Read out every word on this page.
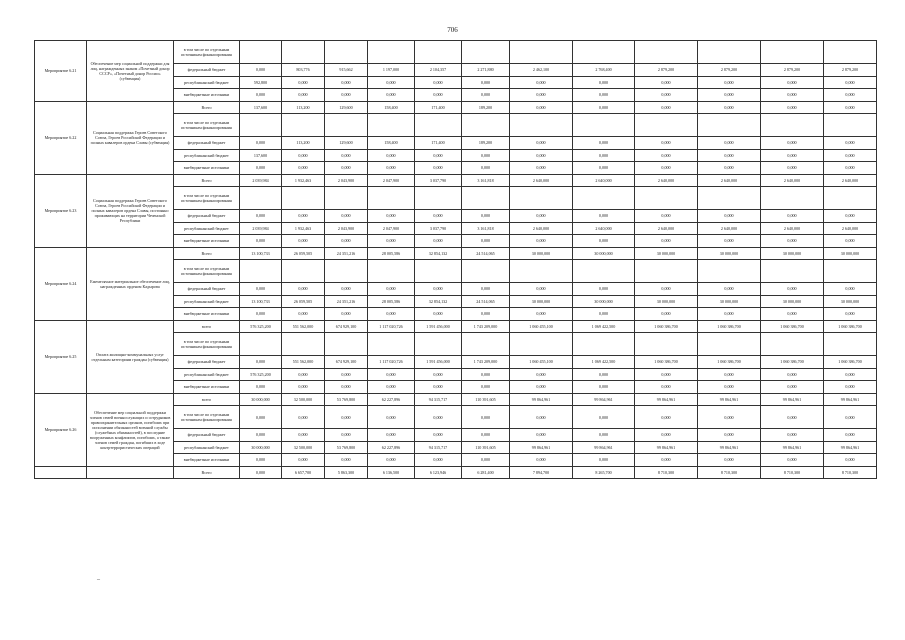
706
Мероприятие 6.21	Обеспечение мер социальной поддержки для лиц, награжденных знаком «Почетный донор СССР», «Почетный донор России» (субвенция)	в том числе по отдельным источникам финансирования												
		федеральный бюджет	0,000	803,776	915,662	1 197,000	2 104,357	2 271,880	2 462,100	2 768,400	2 879,200	2 879,200	2 879,200	2 879,200
		республиканский бюджет	592,800	0,000	0,000	0,000	0,000	0,000	0,000	0,000	0,000	0,000	0,000	0,000
		внебюджетные источники	0,000	0,000	0,000	0,000	0,000	0,000	0,000	0,000	0,000	0,000	0,000	0,000
Мероприятие 6.22	Социальная поддержка Героев Советского Союза, Героев Российской Федерации и полных кавалеров ордена Славы (субвенция)	Всего	137,600	113,200	129,600	158,400	171,400	189,200	0,000	0,000	0,000	0,000	0,000	0,000
		в том числе по отдельным источникам финансирования												
		федеральный бюджет	0,000	113,200	129,600	158,400	171,400	189,200	0,000	0,000	0,000	0,000	0,000	0,000
		республиканский бюджет	137,600	0,000	0,000	0,000	0,000	0,000	0,000	0,000	0,000	0,000	0,000	0,000
		внебюджетные источники	0,000	0,000	0,000	0,000	0,000	0,000	0,000	0,000	0,000	0,000	0,000	0,000
Мероприятие 6.23	Социальная поддержка Героев Советского Союза, Героев Российской Федерации и полных кавалеров ордена Славы, постоянно проживающих на территории Чеченской Республики	Всего	2 039,984	1 932,463	2 043,900	2 047,900	3 037,790	3 161,818	2 640,000	2 640,000	2 640,000	2 640,000	2 640,000	2 640,000
		в том числе по отдельным источникам финансирования												
		федеральный бюджет	0,000	0,000	0,000	0,000	0,000	0,000	0,000	0,000	0,000	0,000	0,000	0,000
		республиканский бюджет	2 039,984	1 932,463	2 043,900	2 047,900	3 037,790	3 161,818	2 640,000	2 640,000	2 640,000	2 640,000	2 640,000	2 640,000
		внебюджетные источники	0,000	0,000	0,000	0,000	0,000	0,000	0,000	0,000	0,000	0,000	0,000	0,000
Мероприятие 6.24	Ежемесячное материальное обеспечение лиц, награжденных орденом Кадырова	Всего	13 100,733	26 059,505	24 351,216	28 005,586	32 854,132	24 514,065	30 000,000	30 000,000	30 000,000	30 000,000	30 000,000	30 000,000
		в том числе по отдельным источникам финансирования												
		федеральный бюджет	0,000	0,000	0,000	0,000	0,000	0,000	0,000	0,000	0,000	0,000	0,000	0,000
		республиканский бюджет	13 100,733	26 059,505	24 351,216	28 005,586	32 854,132	24 514,065	30 000,000	30 000,000	30 000,000	30 000,000	30 000,000	30 000,000
		внебюджетные источники	0,000	0,000	0,000	0,000	0,000	0,000	0,000	0,000	0,000	0,000	0,000	0,000
Мероприятие 6.25	Оплата жилищно-коммунальных услуг отдельным категориям граждан (субвенция)	всего	576 325,200	551 562,000	674 929,100	1 117 020,726	1 591 456,000	1 743 209,000	1 060 455,100	1 069 422,500	1 060 386,700	1 060 386,700	1 060 386,700	1 060 386,700
		в том числе по отдельным источникам финансирования												
		федеральный бюджет	0,000	551 562,000	674 929,100	1 117 020,726	1 591 456,000	1 743 209,000	1 060 455,100	1 069 422,500	1 060 386,700	1 060 386,700	1 060 386,700	1 060 386,700
		республиканский бюджет	576 325,200	0,000	0,000	0,000	0,000	0,000	0,000	0,000	0,000	0,000	0,000	0,000
		внебюджетные источники	0,000	0,000	0,000	0,000	0,000	0,000	0,000	0,000	0,000	0,000	0,000	0,000
Мероприятие 6.26	Обеспечение мер социальной поддержки членов семей военнослужащих и сотрудников правоохранительных органов, погибших при исполнении обязанностей военной службы (служебных обязанностей), в последние вооруженных конфликтов, погибших, а также членов семей граждан, погибших в ходе контртеррористических операций	всего	30 000,000	32 500,000	53 769,800	62 227,896	94 315,717	110 391,605	99 864,961	99 864,961	99 864,961	99 864,961	99 864,961	99 864,961
		в том числе по отдельным источникам финансирования	0,000	0,000	0,000	0,000	0,000	0,000	0,000	0,000	0,000	0,000	0,000	0,000
		федеральный бюджет	0,000	0,000	0,000	0,000	0,000	0,000	0,000	0,000	0,000	0,000	0,000	0,000
		республиканский бюджет	30 000,000	32 500,000	53 769,800	62 227,896	94 315,717	110 391,605	99 864,961	99 864,961	99 864,961	99 864,961	99 864,961	99 864,961
		внебюджетные источники	0,000	0,000	0,000	0,000	0,000	0,000	0,000	0,000	0,000	0,000	0,000	0,000
		Всего	0,000	6 657,700	5 863,300	6 136,500	6 123,946	6 281,400	7 894,700	8 265,700	8 710,300	8 710,300	8 710,300	8 710,300
–
